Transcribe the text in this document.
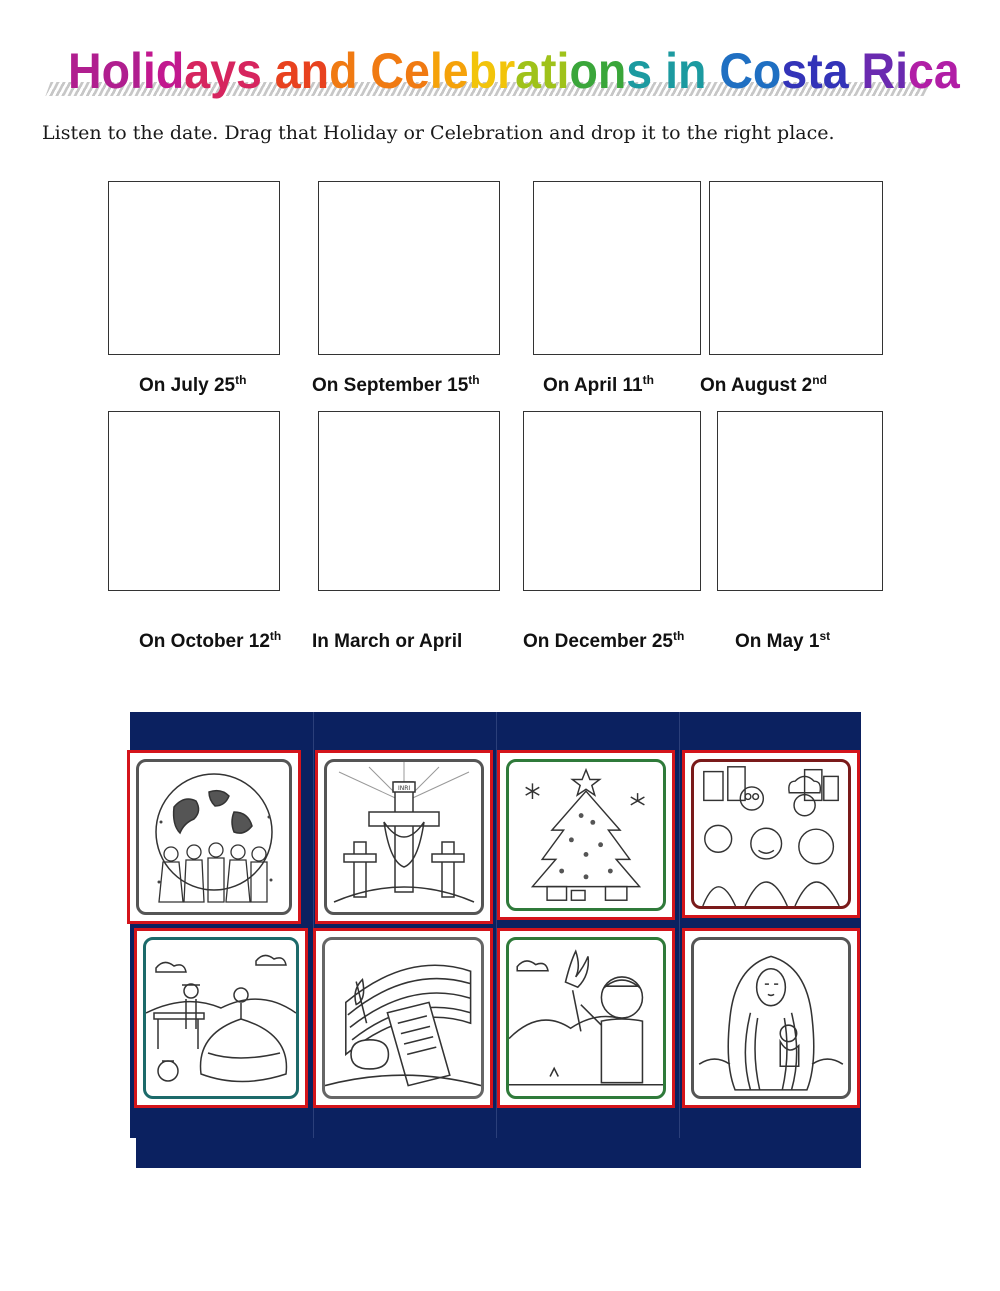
Holidays and Celebrations in Costa Rica
Listen to the date. Drag that Holiday or Celebration and drop it to the right place.
On July 25th	On September 15th	On April 11th On August 2nd
On October 12th In March or April	On December 25th	On May 1st
INRI
